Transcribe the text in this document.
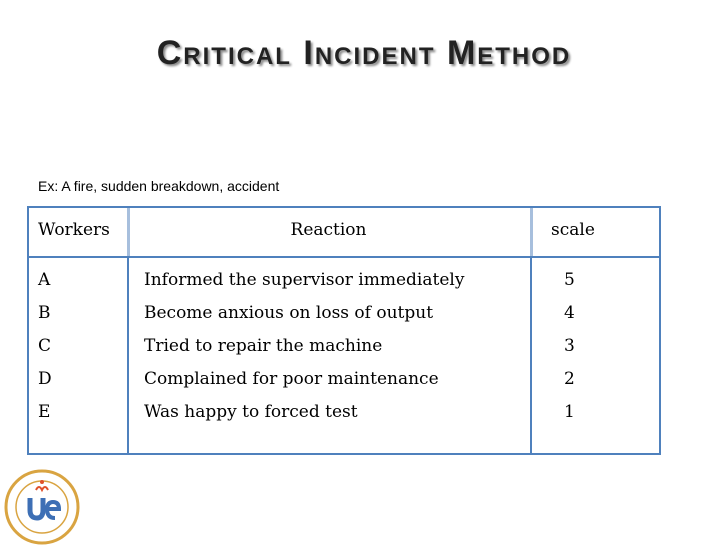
Critical Incident Method
Ex: A fire, sudden breakdown, accident
Workers	Reaction	scale
A
B
C
D
E
Informed the supervisor immediately
Become anxious on loss of output
Tried to repair the machine
Complained for poor maintenance
Was happy to forced test
5
4
3
2
1
